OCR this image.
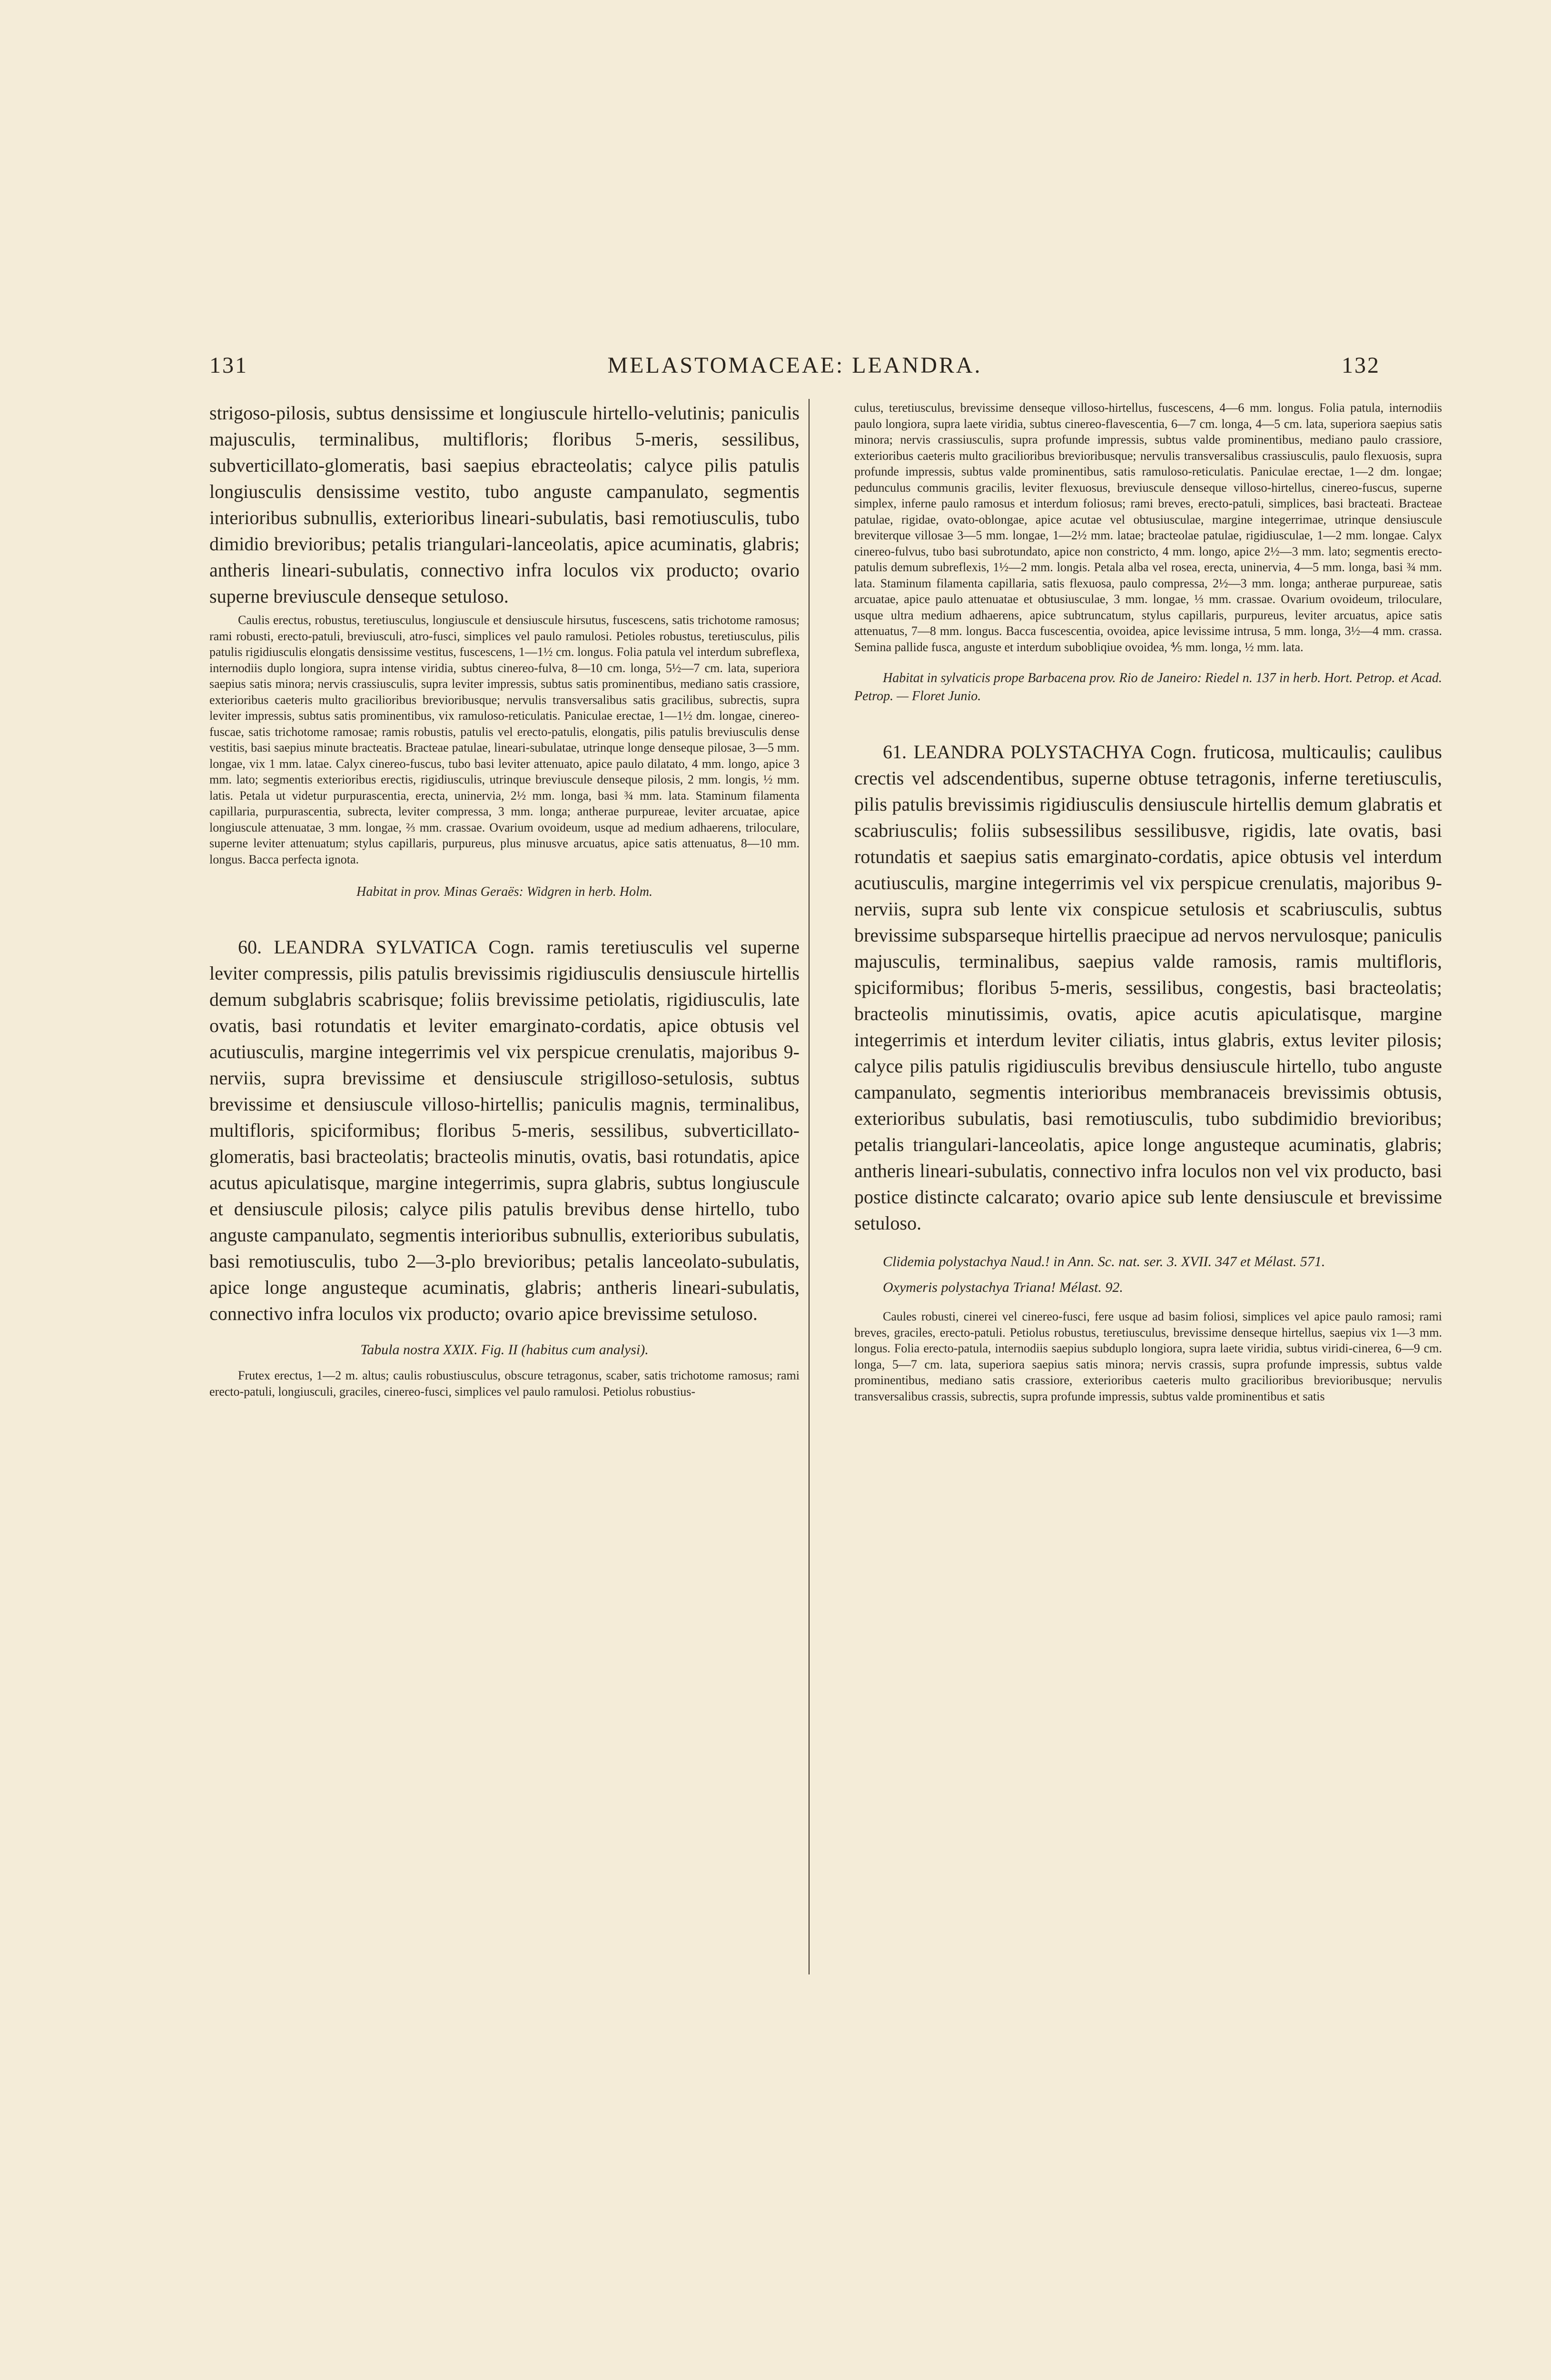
131	MELASTOMACEAE: LEANDRA.	132

strigoso-pilosis, subtus densissime et longiuscule hirtello-velutinis; paniculis majusculis, terminalibus, multifloris; floribus 5-meris, sessilibus, subverticillato-glomeratis, basi saepius ebracteolatis; calyce pilis patulis longiusculis densissime vestito, tubo anguste campanulato, segmentis interioribus subnullis, exterioribus lineari-subulatis, basi remotiusculis, tubo dimidio brevioribus; petalis triangulari-lanceolatis, apice acuminatis, glabris; antheris lineari-subulatis, connectivo infra loculos vix producto; ovario superne breviuscule denseque setuloso.

Caulis erectus, robustus, teretiusculus, longiuscule et densiuscule hirsutus, fuscescens, satis trichotome ramosus; rami robusti, erecto-patuli, breviusculi, atro-fusci, simplices vel paulo ramulosi. Petioles robustus, teretiusculus, pilis patulis rigidiusculis elongatis densissime vestitus, fuscescens, 1—1½ cm. longus. Folia patula vel interdum subreflexa, internodiis duplo longiora, supra intense viridia, subtus cinereo-fulva, 8—10 cm. longa, 5½—7 cm. lata, superiora saepius satis minora; nervis crassiusculis, supra leviter impressis, subtus satis prominentibus, mediano satis crassiore, exterioribus caeteris multo gracilioribus brevioribusque; nervulis transversalibus satis gracilibus, subrectis, supra leviter impressis, subtus satis prominentibus, vix ramuloso-reticulatis. Paniculae erectae, 1—1½ dm. longae, cinereo-fuscae, satis trichotome ramosae; ramis robustis, patulis vel erecto-patulis, elongatis, pilis patulis breviusculis dense vestitis, basi saepius minute bracteatis. Bracteae patulae, lineari-subulatae, utrinque longe denseque pilosae, 3—5 mm. longae, vix 1 mm. latae. Calyx cinereo-fuscus, tubo basi leviter attenuato, apice paulo dilatato, 4 mm. longo, apice 3 mm. lato; segmentis exterioribus erectis, rigidiusculis, utrinque breviuscule denseque pilosis, 2 mm. longis, ½ mm. latis. Petala ut videtur purpurascentia, erecta, uninervia, 2½ mm. longa, basi ¾ mm. lata. Staminum filamenta capillaria, purpurascentia, subrecta, leviter compressa, 3 mm. longa; antherae purpureae, leviter arcuatae, apice longiuscule attenuatae, 3 mm. longae, ⅔ mm. crassae. Ovarium ovoideum, usque ad medium adhaerens, triloculare, superne leviter attenuatum; stylus capillaris, purpureus, plus minusve arcuatus, apice satis attenuatus, 8—10 mm. longus. Bacca perfecta ignota.

Habitat in prov. Minas Geraës: Widgren in herb. Holm.

60. LEANDRA SYLVATICA Cogn. ramis teretiusculis vel superne leviter compressis, pilis patulis brevissimis rigidiusculis densiuscule hirtellis demum subglabris scabrisque; foliis brevissime petiolatis, rigidiusculis, late ovatis, basi rotundatis et leviter emarginato-cordatis, apice obtusis vel acutiusculis, margine integerrimis vel vix perspicue crenulatis, majoribus 9-nerviis, supra brevissime et densiuscule strigilloso-setulosis, subtus brevissime et densiuscule villoso-hirtellis; paniculis magnis, terminalibus, multifloris, spiciformibus; floribus 5-meris, sessilibus, subverticillato-glomeratis, basi bracteolatis; bracteolis minutis, ovatis, basi rotundatis, apice acutus apiculatisque, margine integerrimis, supra glabris, subtus longiuscule et densiuscule pilosis; calyce pilis patulis brevibus dense hirtello, tubo anguste campanulato, segmentis interioribus subnullis, exterioribus subulatis, basi remotiusculis, tubo 2—3-plo brevioribus; petalis lanceolato-subulatis, apice longe angusteque acuminatis, glabris; antheris lineari-subulatis, connectivo infra loculos vix producto; ovario apice brevissime setuloso.

Tabula nostra XXIX. Fig. II (habitus cum analysi).

Frutex erectus, 1—2 m. altus; caulis robustiusculus, obscure tetragonus, scaber, satis trichotome ramosus; rami erecto-patuli, longiusculi, graciles, cinereo-fusci, simplices vel paulo ramulosi. Petiolus robustius-

culus, teretiusculus, brevissime denseque villoso-hirtellus, fuscescens, 4—6 mm. longus. Folia patula, internodiis paulo longiora, supra laete viridia, subtus cinereo-flavescentia, 6—7 cm. longa, 4—5 cm. lata, superiora saepius satis minora; nervis crassiusculis, supra profunde impressis, subtus valde prominentibus, mediano paulo crassiore, exterioribus caeteris multo gracilioribus brevioribusque; nervulis transversalibus crassiusculis, paulo flexuosis, supra profunde impressis, subtus valde prominentibus, satis ramuloso-reticulatis. Paniculae erectae, 1—2 dm. longae; pedunculus communis gracilis, leviter flexuosus, breviuscule denseque villoso-hirtellus, cinereo-fuscus, superne simplex, inferne paulo ramosus et interdum foliosus; rami breves, erecto-patuli, simplices, basi bracteati. Bracteae patulae, rigidae, ovato-oblongae, apice acutae vel obtusiusculae, margine integerrimae, utrinque densiuscule breviterque villosae 3—5 mm. longae, 1—2½ mm. latae; bracteolae patulae, rigidiusculae, 1—2 mm. longae. Calyx cinereo-fulvus, tubo basi subrotundato, apice non constricto, 4 mm. longo, apice 2½—3 mm. lato; segmentis erecto-patulis demum subreflexis, 1½—2 mm. longis. Petala alba vel rosea, erecta, uninervia, 4—5 mm. longa, basi ¾ mm. lata. Staminum filamenta capillaria, satis flexuosa, paulo compressa, 2½—3 mm. longa; antherae purpureae, satis arcuatae, apice paulo attenuatae et obtusiusculae, 3 mm. longae, ⅓ mm. crassae. Ovarium ovoideum, triloculare, usque ultra medium adhaerens, apice subtruncatum, stylus capillaris, purpureus, leviter arcuatus, apice satis attenuatus, 7—8 mm. longus. Bacca fuscescentia, ovoidea, apice levissime intrusa, 5 mm. longa, 3½—4 mm. crassa. Semina pallide fusca, anguste et interdum subobliqiue ovoidea, ⅘ mm. longa, ½ mm. lata.

Habitat in sylvaticis prope Barbacena prov. Rio de Janeiro: Riedel n. 137 in herb. Hort. Petrop. et Acad. Petrop. — Floret Junio.

61. LEANDRA POLYSTACHYA Cogn. fruticosa, multicaulis; caulibus crectis vel adscendentibus, superne obtuse tetragonis, inferne teretiusculis, pilis patulis brevissimis rigidiusculis densiuscule hirtellis demum glabratis et scabriusculis; foliis subsessilibus sessilibusve, rigidis, late ovatis, basi rotundatis et saepius satis emarginato-cordatis, apice obtusis vel interdum acutiusculis, margine integerrimis vel vix perspicue crenulatis, majoribus 9-nerviis, supra sub lente vix conspicue setulosis et scabriusculis, subtus brevissime subsparseque hirtellis praecipue ad nervos nervulosque; paniculis majusculis, terminalibus, saepius valde ramosis, ramis multifloris, spiciformibus; floribus 5-meris, sessilibus, congestis, basi bracteolatis; bracteolis minutissimis, ovatis, apice acutis apiculatisque, margine integerrimis et interdum leviter ciliatis, intus glabris, extus leviter pilosis; calyce pilis patulis rigidiusculis brevibus densiuscule hirtello, tubo anguste campanulato, segmentis interioribus membranaceis brevissimis obtusis, exterioribus subulatis, basi remotiusculis, tubo subdimidio brevioribus; petalis triangulari-lanceolatis, apice longe angusteque acuminatis, glabris; antheris lineari-subulatis, connectivo infra loculos non vel vix producto, basi postice distincte calcarato; ovario apice sub lente densiuscule et brevissime setuloso.

Clidemia polystachya Naud.! in Ann. Sc. nat. ser. 3. XVII. 347 et Mélast. 571.

Oxymeris polystachya Triana! Mélast. 92.

Caules robusti, cinerei vel cinereo-fusci, fere usque ad basim foliosi, simplices vel apice paulo ramosi; rami breves, graciles, erecto-patuli. Petiolus robustus, teretiusculus, brevissime denseque hirtellus, saepius vix 1—3 mm. longus. Folia erecto-patula, internodiis saepius subduplo longiora, supra laete viridia, subtus viridi-cinerea, 6—9 cm. longa, 5—7 cm. lata, superiora saepius satis minora; nervis crassis, supra profunde impressis, subtus valde prominentibus, mediano satis crassiore, exterioribus caeteris multo gracilioribus brevioribusque; nervulis transversalibus crassis, subrectis, supra profunde impressis, subtus valde prominentibus et satis
